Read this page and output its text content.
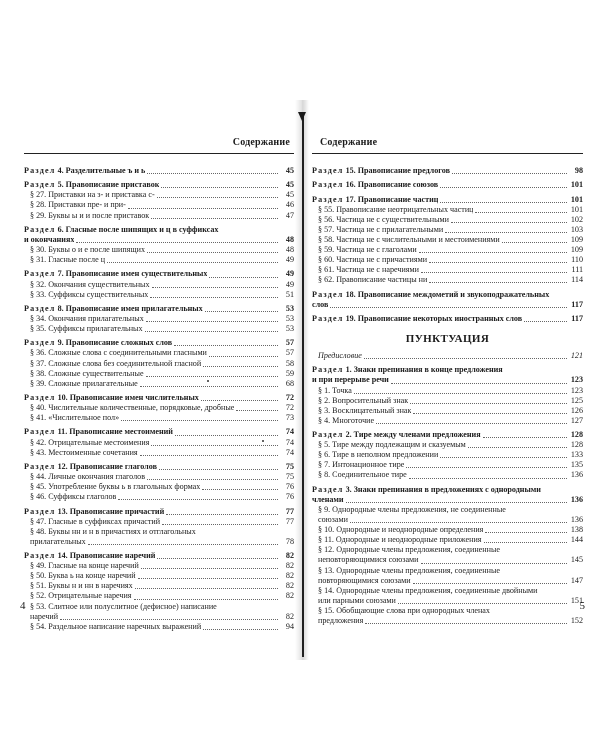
Содержание
Раздел 4. Разделительные ъ и ь	45
Раздел 5. Правописание приставок	45
§ 27. Приставки на з- и приставка с-	45
§ 28. Приставки пре- и при-	46
§ 29. Буквы ы и и после приставок	47
Раздел 6. Гласные после шипящих и ц в суффиксах
и окончаниях	48
§ 30. Буквы о и е после шипящих	48
§ 31. Гласные после ц	49
Раздел 7. Правописание имен существительных	49
§ 32. Окончания существительных	49
§ 33. Суффиксы существительных	51
Раздел 8. Правописание имен прилагательных	53
§ 34. Окончания прилагательных	53
§ 35. Суффиксы прилагательных	53
Раздел 9. Правописание сложных слов	57
§ 36. Сложные слова с соединительными гласными	57
§ 37. Сложные слова без соединительной гласной	58
§ 38. Сложные существительные	59
§ 39. Сложные прилагательные	68
Раздел 10. Правописание имен числительных	72
§ 40. Числительные количественные, порядковые, дробные	72
§ 41. «Числительное пол»	73
Раздел 11. Правописание местоимений	74
§ 42. Отрицательные местоимения	74
§ 43. Местоименные сочетания	74
Раздел 12. Правописание глаголов	75
§ 44. Личные окончания глаголов	75
§ 45. Употребление буквы ь в глагольных формах	76
§ 46. Суффиксы глаголов	76
Раздел 13. Правописание причастий	77
§ 47. Гласные в суффиксах причастий	77
§ 48. Буквы нн и н в причастиях и отглагольных
прилагательных	78
Раздел 14. Правописание наречий	82
§ 49. Гласные на конце наречий	82
§ 50. Буква ь на конце наречий	82
§ 51. Буквы н и нн в наречиях	82
§ 52. Отрицательные наречия	82
§ 53. Слитное или полуслитное (дефисное) написание
наречий	82
§ 54. Раздельное написание наречных выражений	94
4
Содержание
Раздел 15. Правописание предлогов	98
Раздел 16. Правописание союзов	101
Раздел 17. Правописание частиц	101
§ 55. Правописание неотрицательных частиц	101
§ 56. Частица не с существительными	102
§ 57. Частица не с прилагательными	103
§ 58. Частица не с числительными и местоимениями	109
§ 59. Частица не с глаголами	109
§ 60. Частица не с причастиями	110
§ 61. Частица не с наречиями	111
§ 62. Правописание частицы ни	114
Раздел 18. Правописание междометий и звукоподражательных
слов	117
Раздел 19. Правописание некоторых иностранных слов	117
ПУНКТУАЦИЯ
Предисловие	121
Раздел 1. Знаки препинания в конце предложения
и при перерыве речи	123
§ 1. Точка	123
§ 2. Вопросительный знак	125
§ 3. Восклицательный знак	126
§ 4. Многоточие	127
Раздел 2. Тире между членами предложения	128
§ 5. Тире между подлежащим и сказуемым	128
§ 6. Тире в неполном предложении	133
§ 7. Интонационное тире	135
§ 8. Соединительное тире	136
Раздел 3. Знаки препинания в предложениях с однородными
членами	136
§ 9. Однородные члены предложения, не соединенные
союзами	136
§ 10. Однородные и неоднородные определения	138
§ 11. Однородные и неоднородные приложения	144
§ 12. Однородные члены предложения, соединенные
неповторяющимися союзами	145
§ 13. Однородные члены предложения, соединенные
повторяющимися союзами	147
§ 14. Однородные члены предложения, соединенные двойными
или парными союзами	151
§ 15. Обобщающие слова при однородных членах
предложения	152
5
